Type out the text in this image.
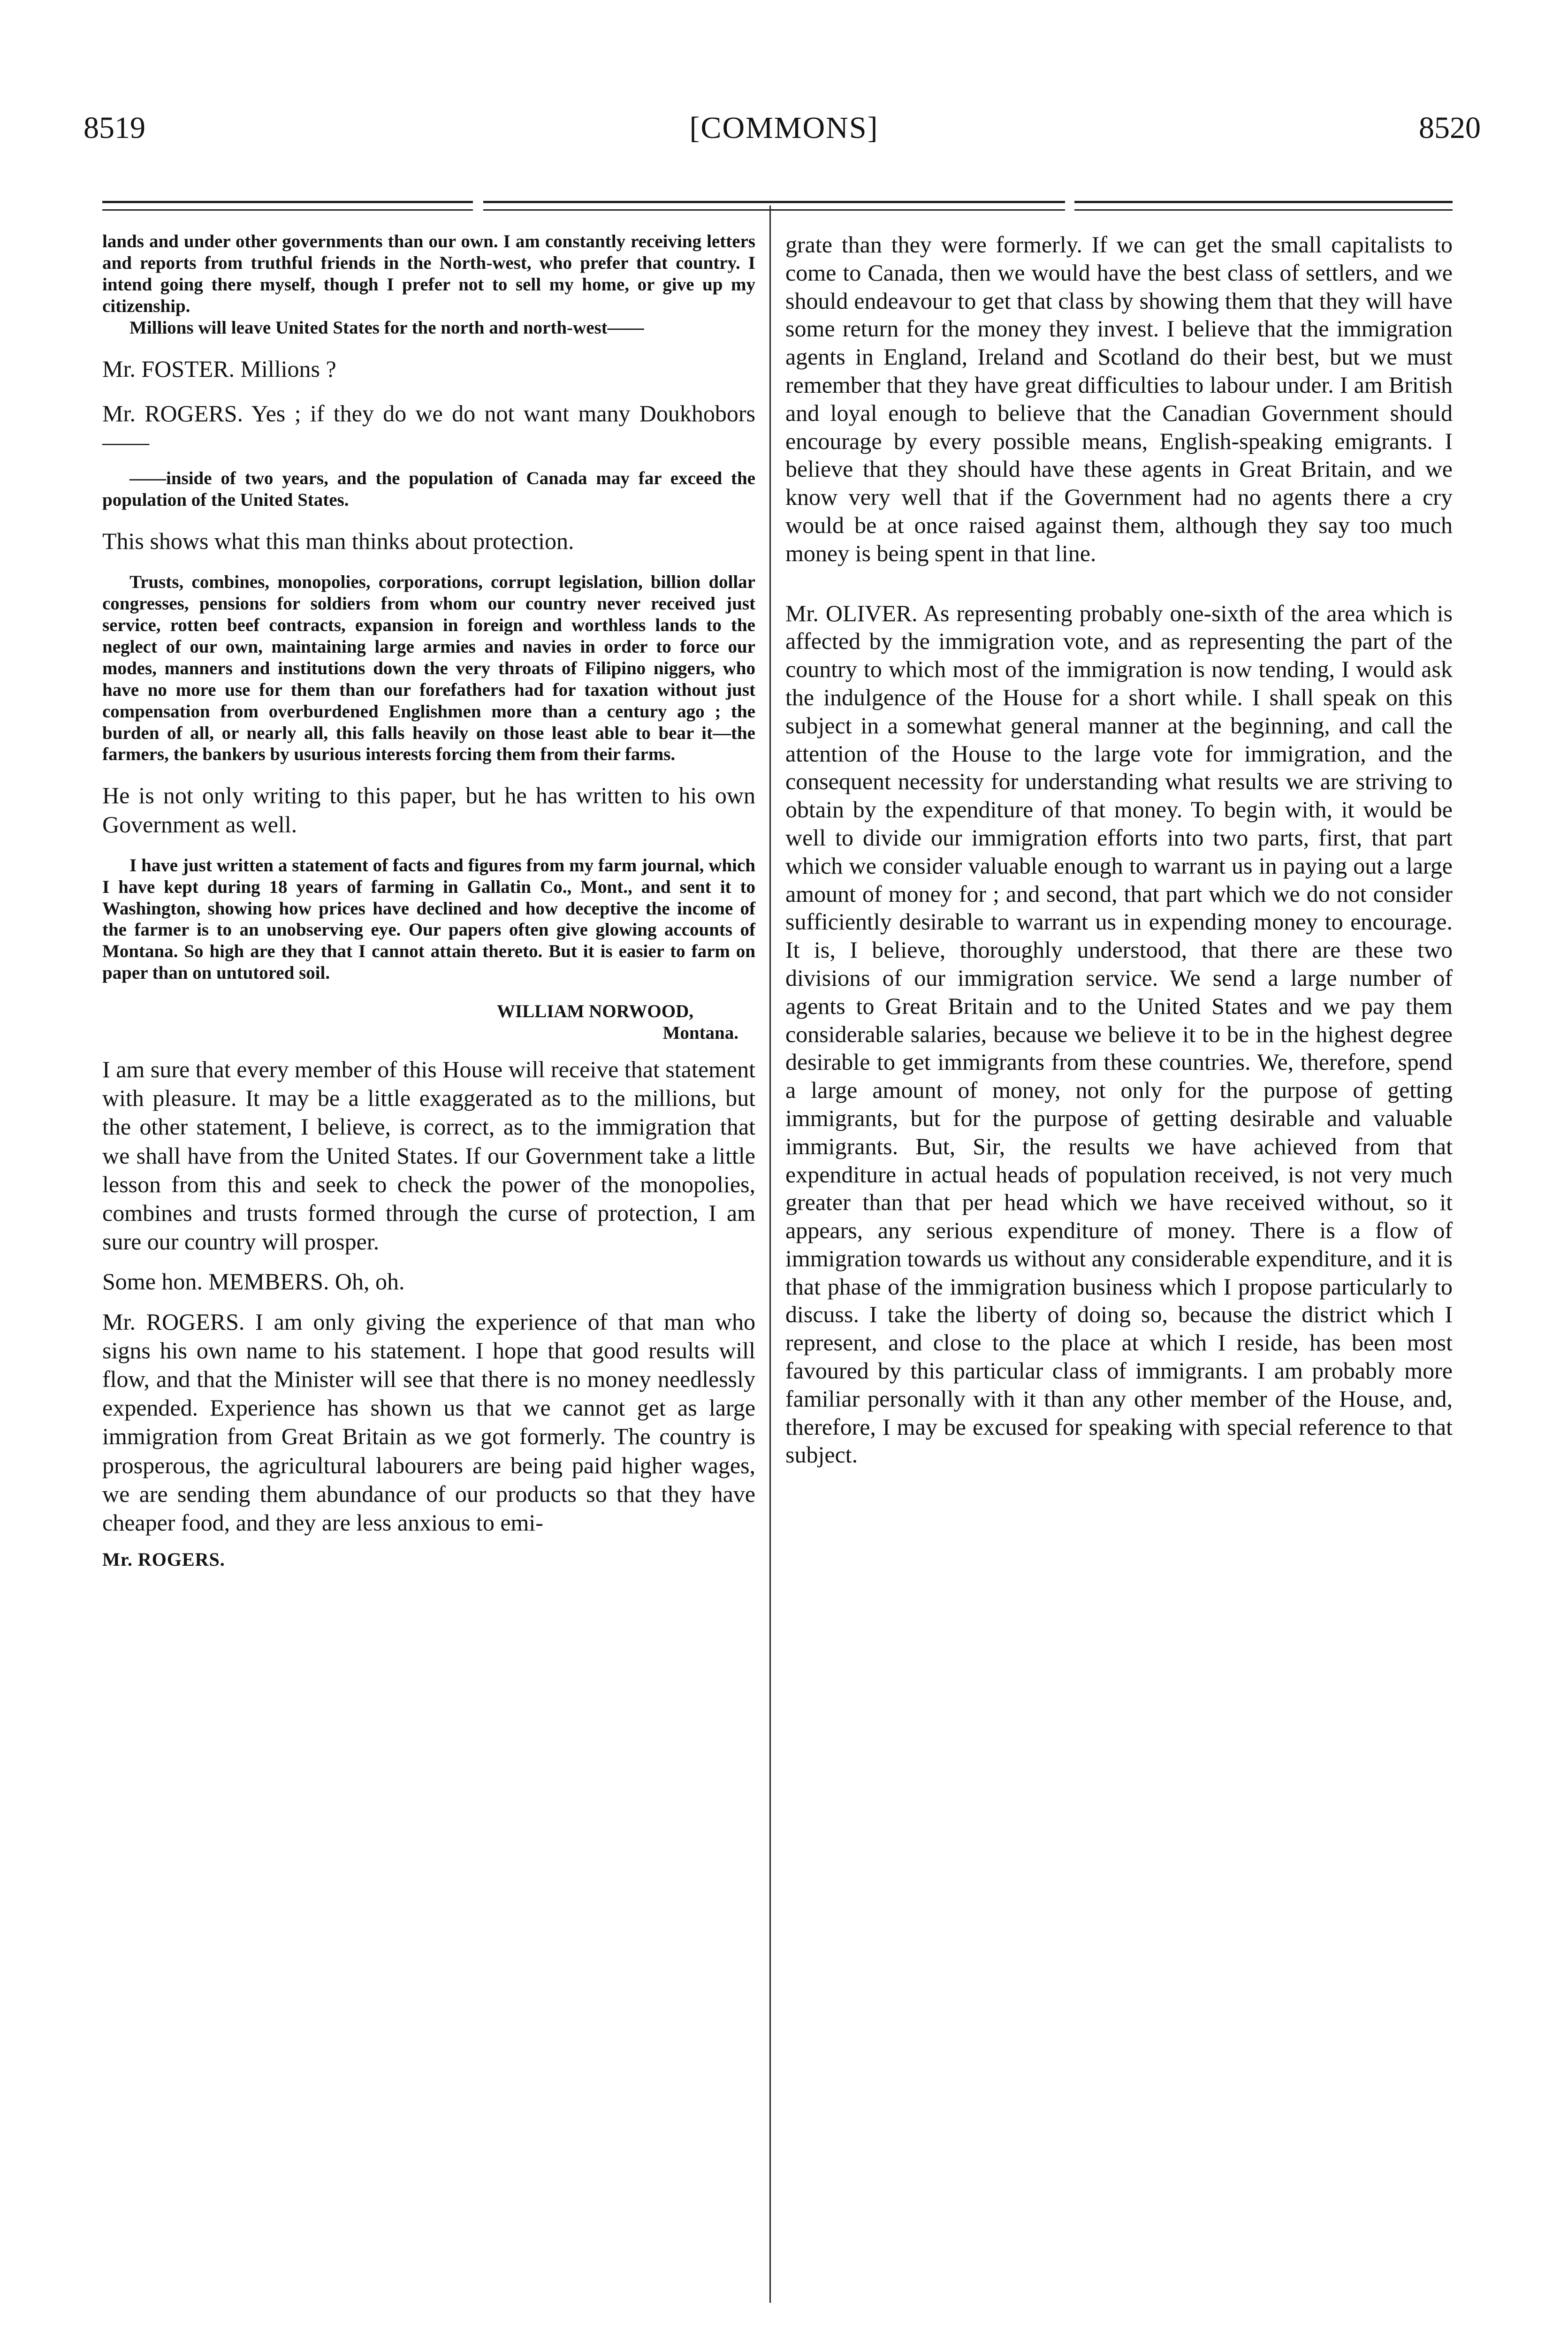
8519	[COMMONS]	8520

lands and under other governments than our own. I am constantly receiving letters and reports from truthful friends in the North-west, who prefer that country. I intend going there myself, though I prefer not to sell my home, or give up my citizenship.

Millions will leave United States for the north and north-west——

Mr. FOSTER. Millions ?

Mr. ROGERS. Yes ; if they do we do not want many Doukhobors——

——inside of two years, and the population of Canada may far exceed the population of the United States.

This shows what this man thinks about protection.

Trusts, combines, monopolies, corporations, corrupt legislation, billion dollar congresses, pensions for soldiers from whom our country never received just service, rotten beef contracts, expansion in foreign and worthless lands to the neglect of our own, maintaining large armies and navies in order to force our modes, manners and institutions down the very throats of Filipino niggers, who have no more use for them than our forefathers had for taxation without just compensation from overburdened Englishmen more than a century ago ; the burden of all, or nearly all, this falls heavily on those least able to bear it—the farmers, the bankers by usurious interests forcing them from their farms.

He is not only writing to this paper, but he has written to his own Government as well.

I have just written a statement of facts and figures from my farm journal, which I have kept during 18 years of farming in Gallatin Co., Mont., and sent it to Washington, showing how prices have declined and how deceptive the income of the farmer is to an unobserving eye. Our papers often give glowing accounts of Montana. So high are they that I cannot attain thereto. But it is easier to farm on paper than on untutored soil.

WILLIAM NORWOOD,

Montana.

I am sure that every member of this House will receive that statement with pleasure. It may be a little exaggerated as to the millions, but the other statement, I believe, is correct, as to the immigration that we shall have from the United States. If our Government take a little lesson from this and seek to check the power of the monopolies, combines and trusts formed through the curse of protection, I am sure our country will prosper.

Some hon. MEMBERS. Oh, oh.

Mr. ROGERS. I am only giving the experience of that man who signs his own name to his statement. I hope that good results will flow, and that the Minister will see that there is no money needlessly expended. Experience has shown us that we cannot get as large immigration from Great Britain as we got formerly. The country is prosperous, the agricultural labourers are being paid higher wages, we are sending them abundance of our products so that they have cheaper food, and they are less anxious to emi-

Mr. ROGERS.

grate than they were formerly. If we can get the small capitalists to come to Canada, then we would have the best class of settlers, and we should endeavour to get that class by showing them that they will have some return for the money they invest. I believe that the immigration agents in England, Ireland and Scotland do their best, but we must remember that they have great difficulties to labour under. I am British and loyal enough to believe that the Canadian Government should encourage by every possible means, English-speaking emigrants. I believe that they should have these agents in Great Britain, and we know very well that if the Government had no agents there a cry would be at once raised against them, although they say too much money is being spent in that line.

Mr. OLIVER. As representing probably one-sixth of the area which is affected by the immigration vote, and as representing the part of the country to which most of the immigration is now tending, I would ask the indulgence of the House for a short while. I shall speak on this subject in a somewhat general manner at the beginning, and call the attention of the House to the large vote for immigration, and the consequent necessity for understanding what results we are striving to obtain by the expenditure of that money. To begin with, it would be well to divide our immigration efforts into two parts, first, that part which we consider valuable enough to warrant us in paying out a large amount of money for ; and second, that part which we do not consider sufficiently desirable to warrant us in expending money to encourage. It is, I believe, thoroughly understood, that there are these two divisions of our immigration service. We send a large number of agents to Great Britain and to the United States and we pay them considerable salaries, because we believe it to be in the highest degree desirable to get immigrants from these countries. We, therefore, spend a large amount of money, not only for the purpose of getting immigrants, but for the purpose of getting desirable and valuable immigrants. But, Sir, the results we have achieved from that expenditure in actual heads of population received, is not very much greater than that per head which we have received without, so it appears, any serious expenditure of money. There is a flow of immigration towards us without any considerable expenditure, and it is that phase of the immigration business which I propose particularly to discuss. I take the liberty of doing so, because the district which I represent, and close to the place at which I reside, has been most favoured by this particular class of immigrants. I am probably more familiar personally with it than any other member of the House, and, therefore, I may be excused for speaking with special reference to that subject.
